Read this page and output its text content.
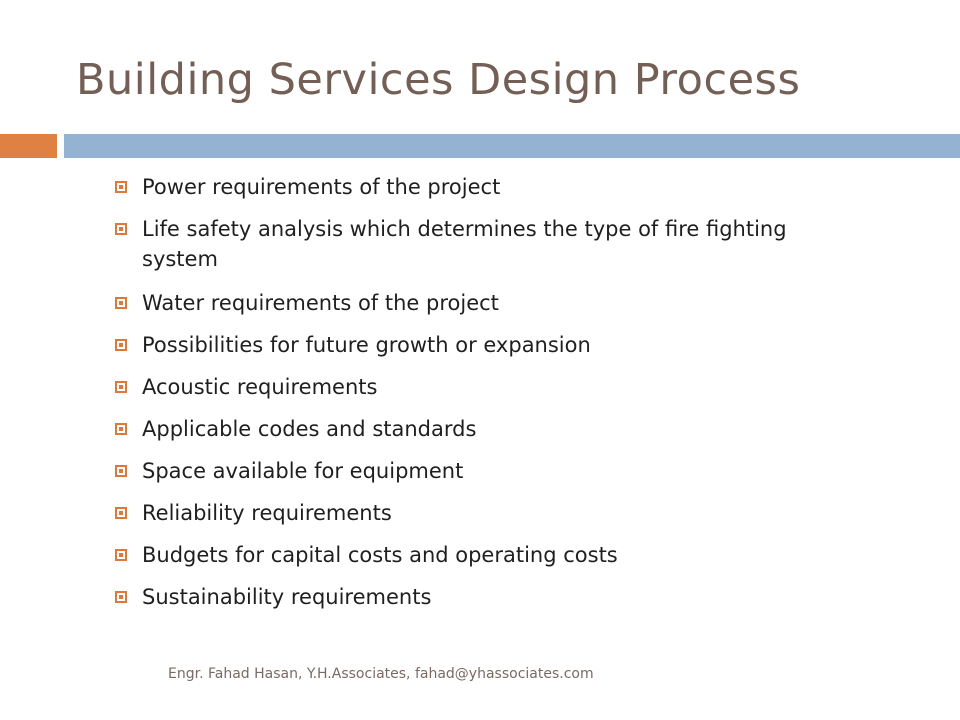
Building Services Design Process
Power requirements of the project
Life safety analysis which determines the type of fire fighting system
Water requirements of the project
Possibilities for future growth or expansion
Acoustic requirements
Applicable codes and standards
Space available for equipment
Reliability requirements
Budgets for capital costs and operating costs
Sustainability requirements
Engr. Fahad Hasan, Y.H.Associates, fahad@yhassociates.com
